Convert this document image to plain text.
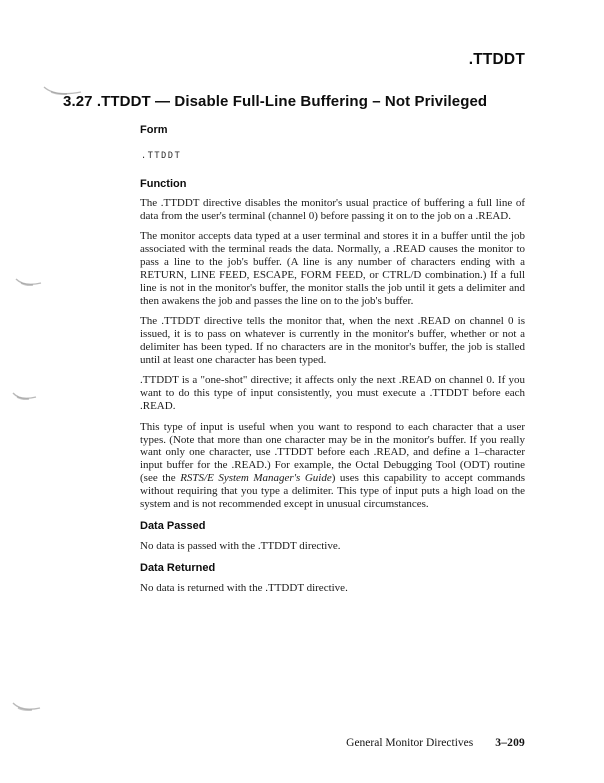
.TTDDT
3.27 .TTDDT — Disable Full-Line Buffering – Not Privileged
Form
.TTDDT
Function

The .TTDDT directive disables the monitor's usual practice of buffering a full line of data from the user's terminal (channel 0) before passing it on to the job on a .READ.

The monitor accepts data typed at a user terminal and stores it in a buffer until the job associated with the terminal reads the data. Normally, a .READ causes the monitor to pass a line to the job's buffer. (A line is any number of characters ending with a RETURN, LINE FEED, ESCAPE, FORM FEED, or CTRL/D combination.) If a full line is not in the monitor's buffer, the monitor stalls the job until it gets a delimiter and then awakens the job and passes the line on to the job's buffer.

The .TTDDT directive tells the monitor that, when the next .READ on channel 0 is issued, it is to pass on whatever is currently in the monitor's buffer, whether or not a delimiter has been typed. If no characters are in the monitor's buffer, the job is stalled until at least one character has been typed.

.TTDDT is a "one-shot" directive; it affects only the next .READ on channel 0. If you want to do this type of input consistently, you must execute a .TTDDT before each .READ.

This type of input is useful when you want to respond to each character that a user types. (Note that more than one character may be in the monitor's buffer. If you really want only one character, use .TTDDT before each .READ, and define a 1–character input buffer for the .READ.) For example, the Octal Debugging Tool (ODT) routine (see the RSTS/E System Manager's Guide) uses this capability to accept commands without requiring that you type a delimiter. This type of input puts a high load on the system and is not recommended except in unusual circumstances.

Data Passed

No data is passed with the .TTDDT directive.

Data Returned

No data is returned with the .TTDDT directive.

General Monitor Directives 3–209
